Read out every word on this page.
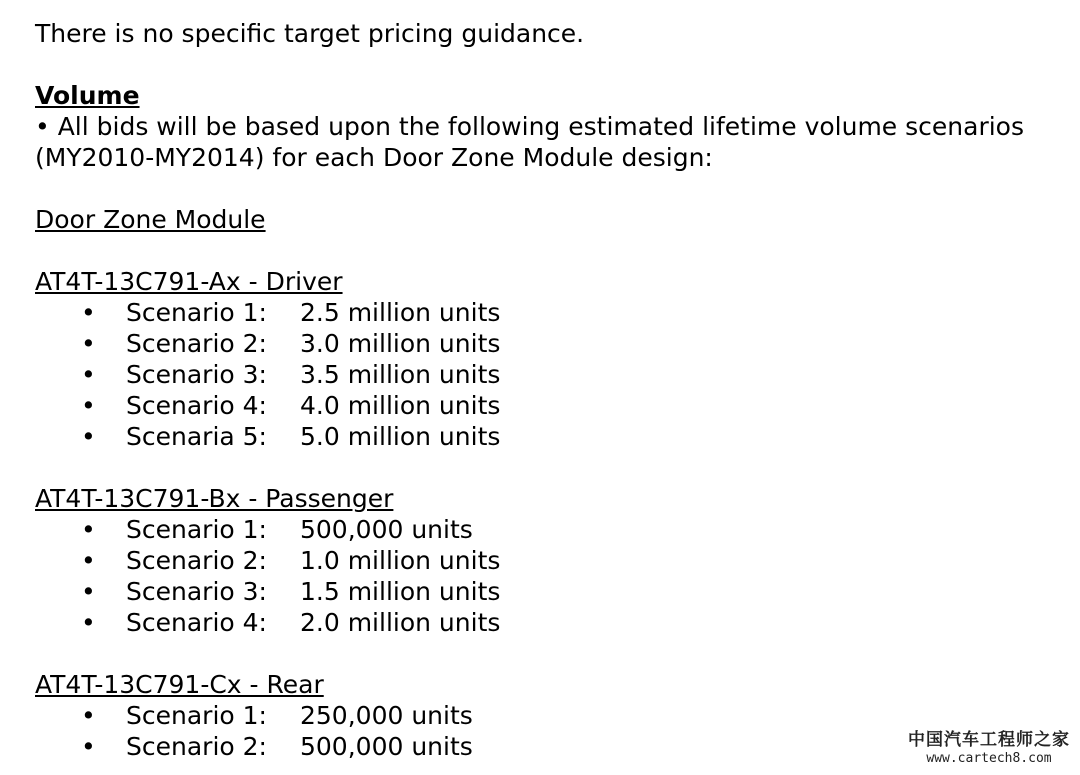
There is no specific target pricing guidance.
Volume
• All bids will be based upon the following estimated lifetime volume scenarios (MY2010-MY2014) for each Door Zone Module design:
Door Zone Module
AT4T-13C791-Ax - Driver
• Scenario 1: 2.5 million units
• Scenario 2: 3.0 million units
• Scenario 3: 3.5 million units
• Scenario 4: 4.0 million units
• Scenaria 5: 5.0 million units
AT4T-13C791-Bx - Passenger
• Scenario 1: 500,000 units
• Scenario 2: 1.0 million units
• Scenario 3: 1.5 million units
• Scenario 4: 2.0 million units
AT4T-13C791-Cx - Rear
• Scenario 1: 250,000 units
• Scenario 2: 500,000 units	中国汽车工程师之家
www.cartech8.com
